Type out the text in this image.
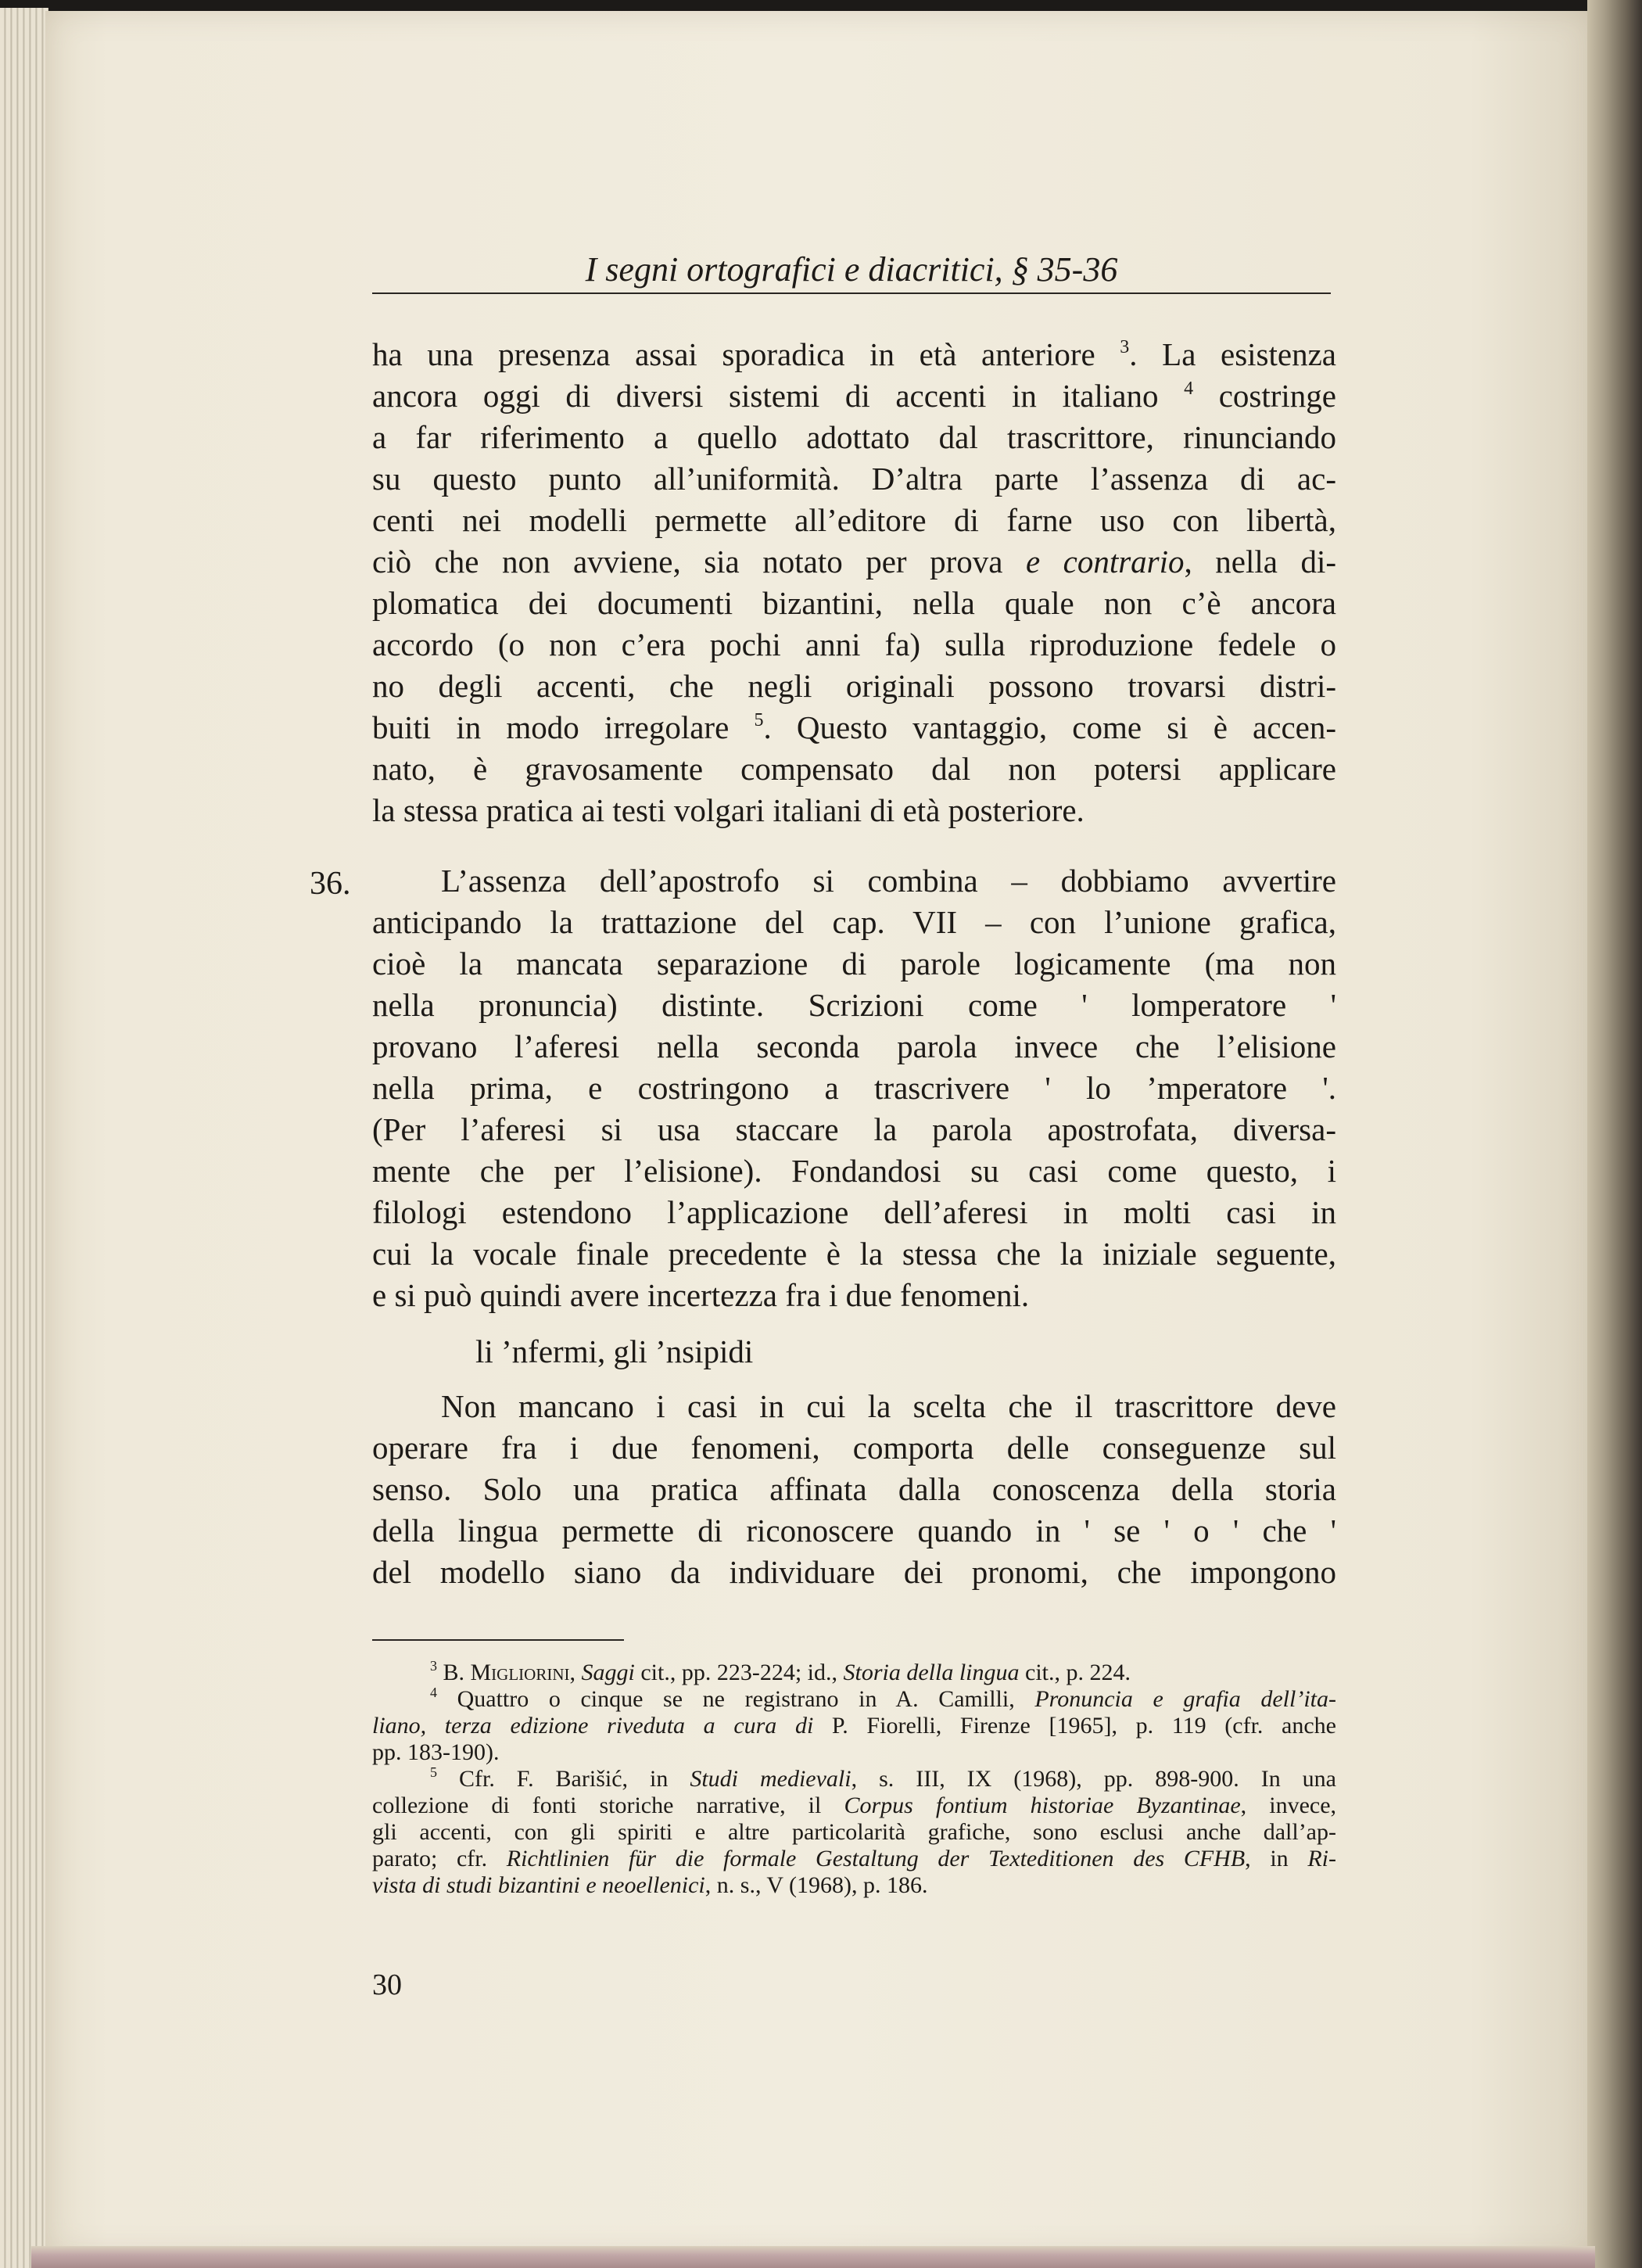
I segni ortografici e diacritici, § 35-36
ha una presenza assai sporadica in età anteriore $^3$. La esistenza
ancora oggi di diversi sistemi di accenti in italiano $^4$ costringe
a far riferimento a quello adottato dal trascrittore, rinunciando
su questo punto all’uniformità. D’altra parte l’assenza di ac-
centi nei modelli permette all’editore di farne uso con libertà,
ciò che non avviene, sia notato per prova e contrario, nella di-
plomatica dei documenti bizantini, nella quale non c’è ancora
accordo (o non c’era pochi anni fa) sulla riproduzione fedele o
no degli accenti, che negli originali possono trovarsi distri-
buiti in modo irregolare $^5$. Questo vantaggio, come si è accen-
nato, è gravosamente compensato dal non potersi applicare
la stessa pratica ai testi volgari italiani di età posteriore.
36.	L’assenza dell’apostrofo si combina – dobbiamo avvertire
anticipando la trattazione del cap. VII – con l’unione grafica,
cioè la mancata separazione di parole logicamente (ma non
nella pronuncia) distinte. Scrizioni come ' lomperatore '
provano l’aferesi nella seconda parola invece che l’elisione
nella prima, e costringono a trascrivere ' lo ’mperatore '.
(Per l’aferesi si usa staccare la parola apostrofata, diversa-
mente che per l’elisione). Fondandosi su casi come questo, i
filologi estendono l’applicazione dell’aferesi in molti casi in
cui la vocale finale precedente è la stessa che la iniziale seguente,
e si può quindi avere incertezza fra i due fenomeni.
li ’nfermi, gli ’nsipidi
Non mancano i casi in cui la scelta che il trascrittore deve
operare fra i due fenomeni, comporta delle conseguenze sul
senso. Solo una pratica affinata dalla conoscenza della storia
della lingua permette di riconoscere quando in ' se ' o ' che '
del modello siano da individuare dei pronomi, che impongono
$^3$ B. Migliorini, Saggi cit., pp. 223-224; id., Storia della lingua cit., p. 224.
$^4$ Quattro o cinque se ne registrano in A. Camilli, Pronuncia e grafia dell’ita-
liano, terza edizione riveduta a cura di P. Fiorelli, Firenze [1965], p. 119 (cfr. anche
pp. 183-190).
$^5$ Cfr. F. Barišić, in Studi medievali, s. III, IX (1968), pp. 898-900. In una
collezione di fonti storiche narrative, il Corpus fontium historiae Byzantinae, invece,
gli accenti, con gli spiriti e altre particolarità grafiche, sono esclusi anche dall’ap-
parato; cfr. Richtlinien für die formale Gestaltung der Texteditionen des CFHB, in Ri-
vista di studi bizantini e neoellenici, n. s., V (1968), p. 186.
30
